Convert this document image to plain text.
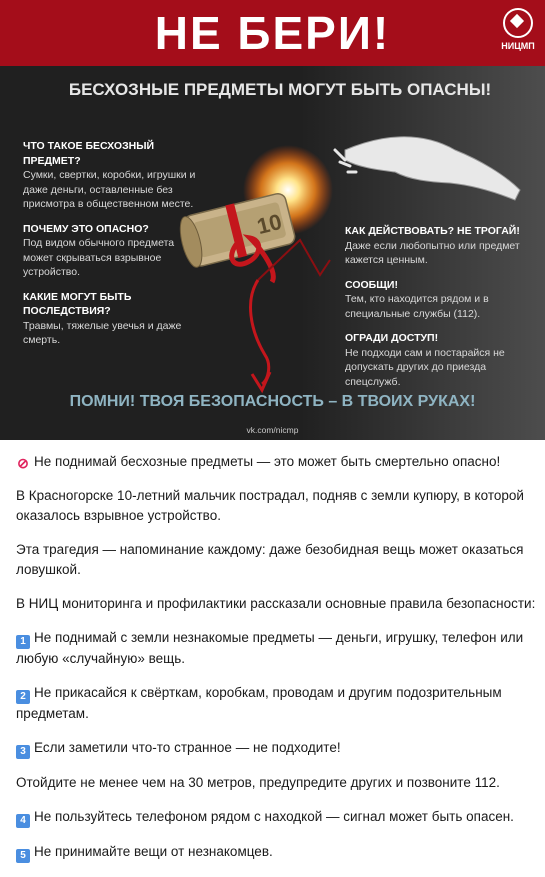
НЕ БЕРИ!	НИЦМП
10
БЕСХОЗНЫЕ ПРЕДМЕТЫ МОГУТ БЫТЬ ОПАСНЫ!
ЧТО ТАКОЕ БЕСХОЗНЫЙ ПРЕДМЕТ?
Сумки, свертки, коробки, игрушки и даже деньги, оставленные без присмотра в общественном месте.
ПОЧЕМУ ЭТО ОПАСНО?
Под видом обычного предмета может скрываться взрывное устройство.
КАКИЕ МОГУТ БЫТЬ ПОСЛЕДСТВИЯ?
Травмы, тяжелые увечья и даже смерть.
КАК ДЕЙСТВОВАТЬ? НЕ ТРОГАЙ!
Даже если любопытно или предмет кажется ценным.
СООБЩИ!
Тем, кто находится рядом и в специальные службы (112).
ОГРАДИ ДОСТУП!
Не подходи сам и постарайся не допускать других до приезда спецслужб.
ПОМНИ! ТВОЯ БЕЗОПАСНОСТЬ – В ТВОИХ РУКАХ!
vk.com/nicmp

⊘ Не поднимай бесхозные предметы — это может быть смертельно опасно!

В Красногорске 10-летний мальчик пострадал, подняв с земли купюру, в которой оказалось взрывное устройство.

Эта трагедия — напоминание каждому: даже безобидная вещь может оказаться ловушкой.

В НИЦ мониторинга и профилактики рассказали основные правила безопасности:

1 Не поднимай с земли незнакомые предметы — деньги, игрушку, телефон или любую «случайную» вещь.

2 Не прикасайся к свёрткам, коробкам, проводам и другим подозрительным предметам.

3 Если заметили что-то странное — не подходите!

Отойдите не менее чем на 30 метров, предупредите других и позвоните 112.

4 Не пользуйтесь телефоном рядом с находкой — сигнал может быть опасен.

5 Не принимайте вещи от незнакомцев.
